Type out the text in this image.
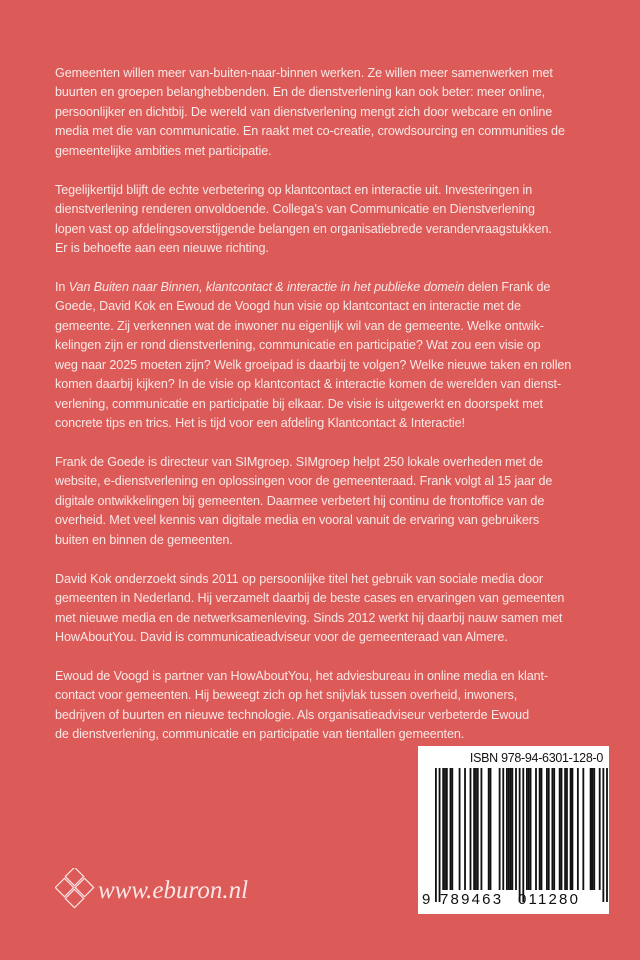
Gemeenten willen meer van-buiten-naar-binnen werken. Ze willen meer samenwerken met
buurten en groepen belanghebbenden. En de dienstverlening kan ook beter: meer online,
persoonlijker en dichtbij. De wereld van dienstverlening mengt zich door webcare en online
media met die van communicatie. En raakt met co-creatie, crowdsourcing en communities de
gemeentelijke ambities met participatie.
Tegelijkertijd blijft de echte verbetering op klantcontact en interactie uit. Investeringen in
dienstverlening renderen onvoldoende. Collega's van Communicatie en Dienstverlening
lopen vast op afdelingsoverstijgende belangen en organisatiebrede verandervraagstukken.
Er is behoefte aan een nieuwe richting.
In Van Buiten naar Binnen, klantcontact & interactie in het publieke domein delen Frank de
Goede, David Kok en Ewoud de Voogd hun visie op klantcontact en interactie met de
gemeente. Zij verkennen wat de inwoner nu eigenlijk wil van de gemeente. Welke ontwik-
kelingen zijn er rond dienstverlening, communicatie en participatie? Wat zou een visie op
weg naar 2025 moeten zijn? Welk groeipad is daarbij te volgen? Welke nieuwe taken en rollen
komen daarbij kijken? In de visie op klantcontact & interactie komen de werelden van dienst-
verlening, communicatie en participatie bij elkaar. De visie is uitgewerkt en doorspekt met
concrete tips en trics. Het is tijd voor een afdeling Klantcontact & Interactie!
Frank de Goede is directeur van SIMgroep. SIMgroep helpt 250 lokale overheden met de
website, e-dienstverlening en oplossingen voor de gemeenteraad. Frank volgt al 15 jaar de
digitale ontwikkelingen bij gemeenten. Daarmee verbetert hij continu de frontoffice van de
overheid. Met veel kennis van digitale media en vooral vanuit de ervaring van gebruikers
buiten en binnen de gemeenten.
David Kok onderzoekt sinds 2011 op persoonlijke titel het gebruik van sociale media door
gemeenten in Nederland. Hij verzamelt daarbij de beste cases en ervaringen van gemeenten
met nieuwe media en de netwerksamenleving. Sinds 2012 werkt hij daarbij nauw samen met
HowAboutYou. David is communicatieadviseur voor de gemeenteraad van Almere.
Ewoud de Voogd is partner van HowAboutYou, het adviesbureau in online media en klant-
contact voor gemeenten. Hij beweegt zich op het snijvlak tussen overheid, inwoners,
bedrijven of buurten en nieuwe technologie. Als organisatieadviseur verbeterde Ewoud
de dienstverlening, communicatie en participatie van tientallen gemeenten.
ISBN 978-94-6301-128-0
9 789463 011280
www.eburon.nl
